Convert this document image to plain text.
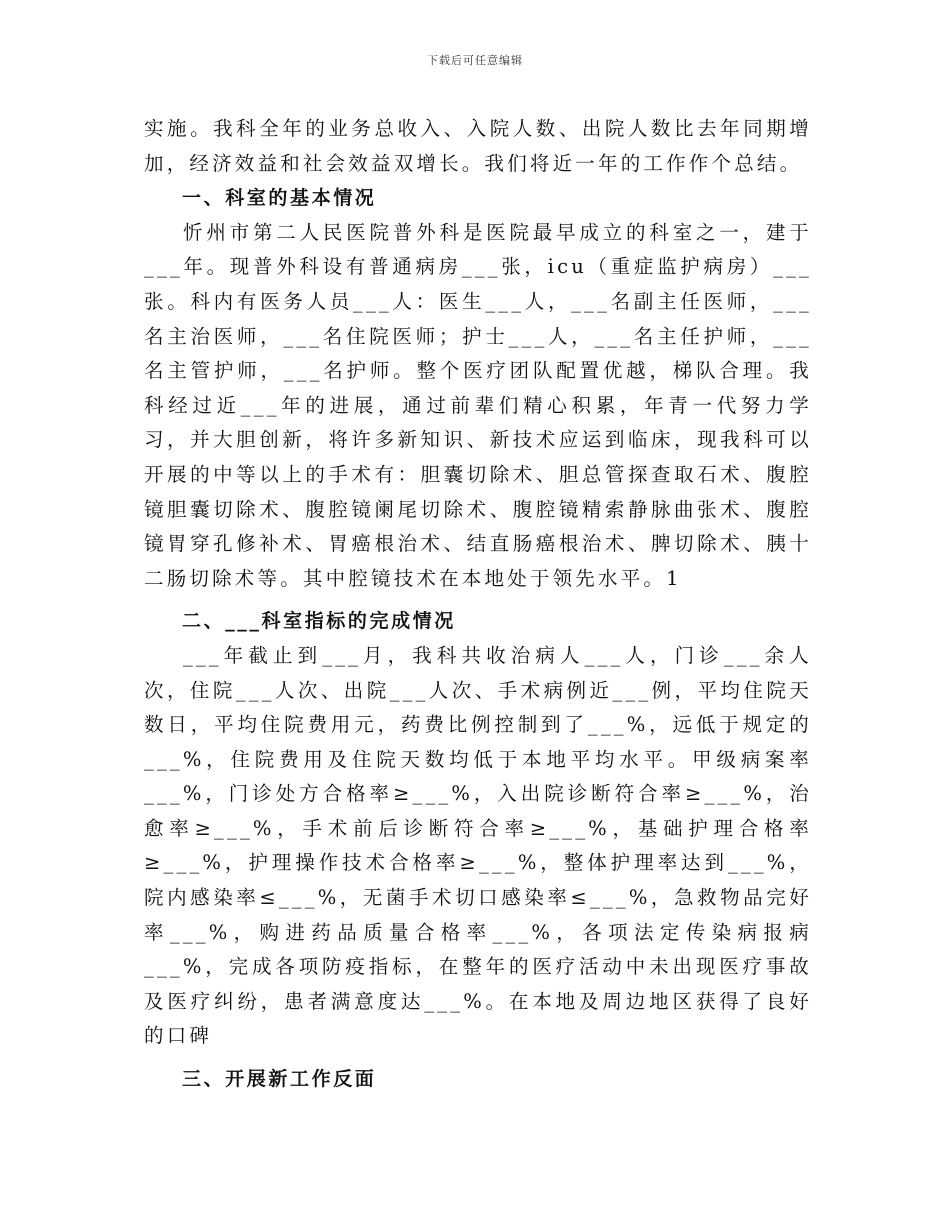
下载后可任意编辑

实施。我科全年的业务总收入、入院人数、出院人数比去年同期增加，经济效益和社会效益双增长。我们将近一年的工作作个总结。

一、科室的基本情况

忻州市第二人民医院普外科是医院最早成立的科室之一，建于___年。现普外科设有普通病房___张，icu（重症监护病房）___张。科内有医务人员___人：医生___人，___名副主任医师，___名主治医师，___名住院医师；护士___人，___名主任护师，___名主管护师，___名护师。整个医疗团队配置优越，梯队合理。我科经过近___年的进展，通过前辈们精心积累，年青一代努力学习，并大胆创新，将许多新知识、新技术应运到临床，现我科可以开展的中等以上的手术有：胆囊切除术、胆总管探查取石术、腹腔镜胆囊切除术、腹腔镜阑尾切除术、腹腔镜精索静脉曲张术、腹腔镜胃穿孔修补术、胃癌根治术、结直肠癌根治术、脾切除术、胰十二肠切除术等。其中腔镜技术在本地处于领先水平。1

二、___科室指标的完成情况

___年截止到___月，我科共收治病人___人，门诊___余人次，住院___人次、出院___人次、手术病例近___例，平均住院天数日，平均住院费用元，药费比例控制到了___%，远低于规定的___%，住院费用及住院天数均低于本地平均水平。甲级病案率___%，门诊处方合格率≥___%，入出院诊断符合率≥___%，治愈率≥___%，手术前后诊断符合率≥___%，基础护理合格率≥___%，护理操作技术合格率≥___%，整体护理率达到___%，院内感染率≤___%，无菌手术切口感染率≤___%，急救物品完好率___%，购进药品质量合格率___%，各项法定传染病报病___%，完成各项防疫指标，在整年的医疗活动中未出现医疗事故及医疗纠纷，患者满意度达___%。在本地及周边地区获得了良好的口碑

三、开展新工作反面
